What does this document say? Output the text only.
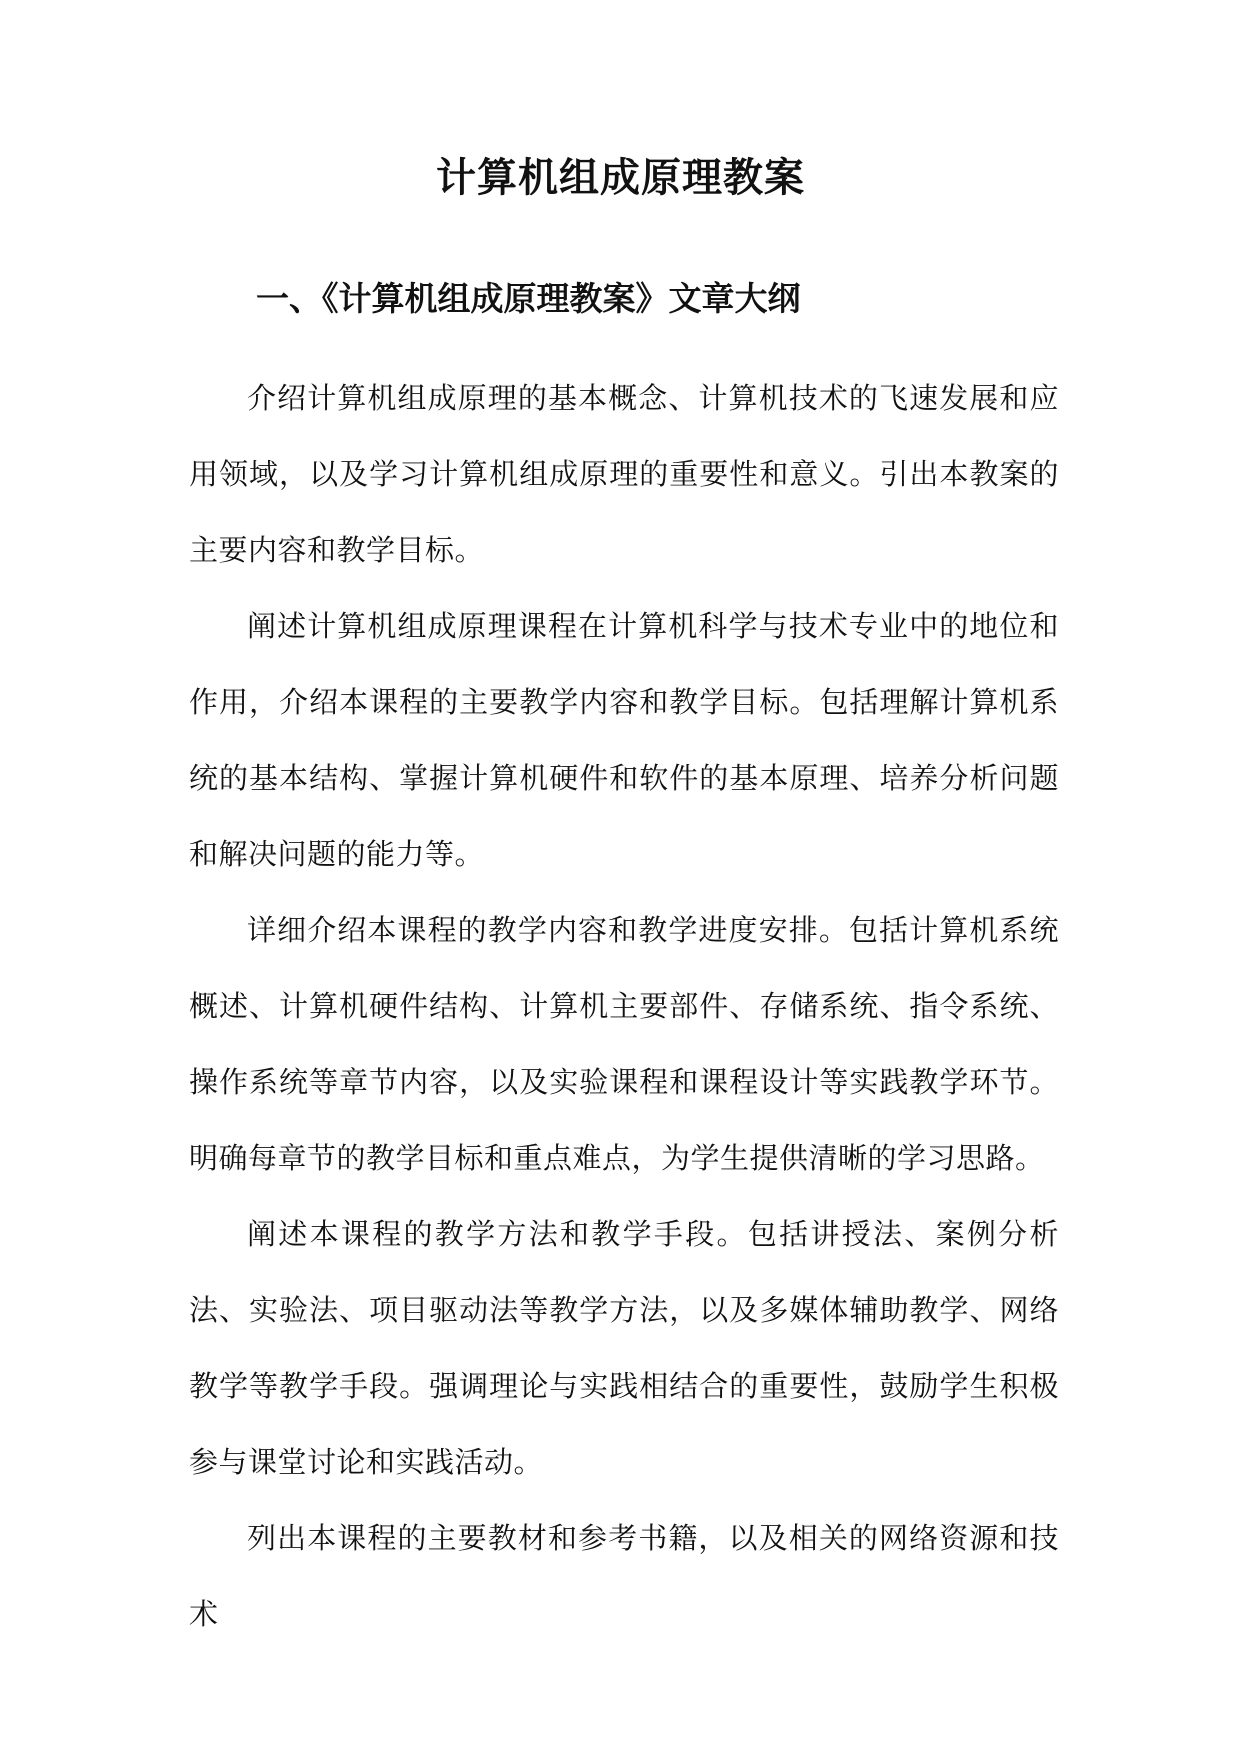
计算机组成原理教案
一、《计算机组成原理教案》文章大纲

介绍计算机组成原理的基本概念、计算机技术的飞速发展和应用领域，以及学习计算机组成原理的重要性和意义。引出本教案的主要内容和教学目标。

阐述计算机组成原理课程在计算机科学与技术专业中的地位和作用，介绍本课程的主要教学内容和教学目标。包括理解计算机系统的基本结构、掌握计算机硬件和软件的基本原理、培养分析问题和解决问题的能力等。

详细介绍本课程的教学内容和教学进度安排。包括计算机系统概述、计算机硬件结构、计算机主要部件、存储系统、指令系统、操作系统等章节内容，以及实验课程和课程设计等实践教学环节。明确每章节的教学目标和重点难点，为学生提供清晰的学习思路。

阐述本课程的教学方法和教学手段。包括讲授法、案例分析法、实验法、项目驱动法等教学方法，以及多媒体辅助教学、网络教学等教学手段。强调理论与实践相结合的重要性，鼓励学生积极参与课堂讨论和实践活动。

列出本课程的主要教材和参考书籍，以及相关的网络资源和技术
